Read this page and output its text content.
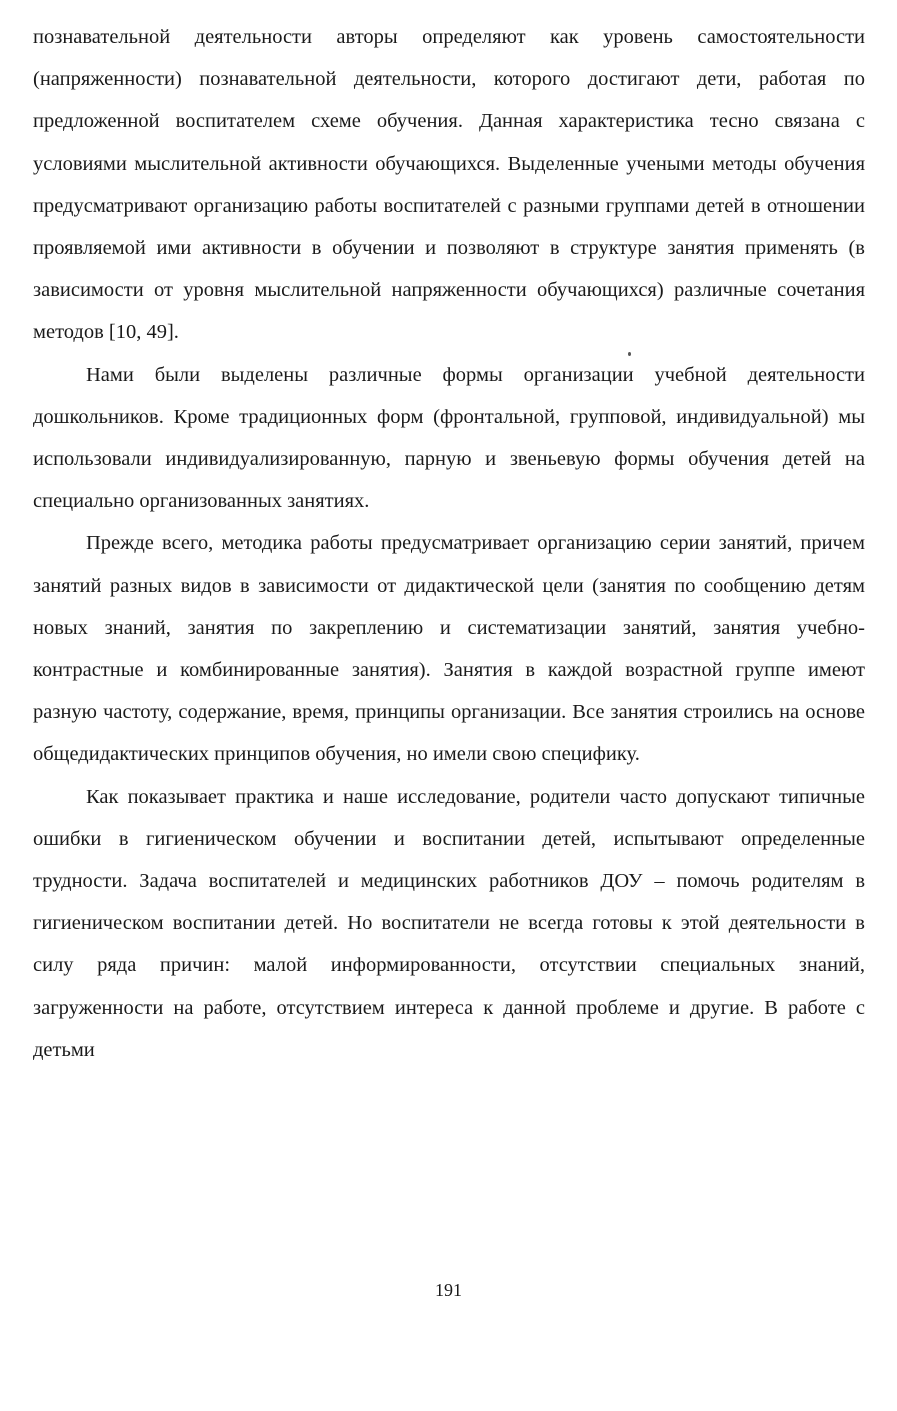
познавательной деятельности авторы определяют как уровень самостоятельности (напряженности) познавательной деятельности, которого достигают дети, работая по предложенной воспитателем схеме обучения. Данная характеристика тесно связана с условиями мыслительной активности обучающихся. Выделенные учеными методы обучения предусматривают организацию работы воспитателей с разными группами детей в отношении проявляемой ими активности в обучении и позволяют в структуре занятия применять (в зависимости от уровня мыслительной напряженности обучающихся) различные сочетания методов [10, 49].

Нами были выделены различные формы организации учебной деятельности дошкольников. Кроме традиционных форм (фронтальной, групповой, индивидуальной) мы использовали индивидуализированную, парную и звеньевую формы обучения детей на специально организованных занятиях.

Прежде всего, методика работы предусматривает организацию серии занятий, причем занятий разных видов в зависимости от дидактической цели (занятия по сообщению детям новых знаний, занятия по закреплению и систематизации занятий, занятия учебно-контрастные и комбинированные занятия). Занятия в каждой возрастной группе имеют разную частоту, содержание, время, принципы организации. Все занятия строились на основе общедидактических принципов обучения, но имели свою специфику.

Как показывает практика и наше исследование, родители часто допускают типичные ошибки в гигиеническом обучении и воспитании детей, испытывают определенные трудности. Задача воспитателей и медицинских работников ДОУ – помочь родителям в гигиеническом воспитании детей. Но воспитатели не всегда готовы к этой деятельности в силу ряда причин: малой информированности, отсутствии специальных знаний, загруженности на работе, отсутствием интереса к данной проблеме и другие. В работе с детьми

191
